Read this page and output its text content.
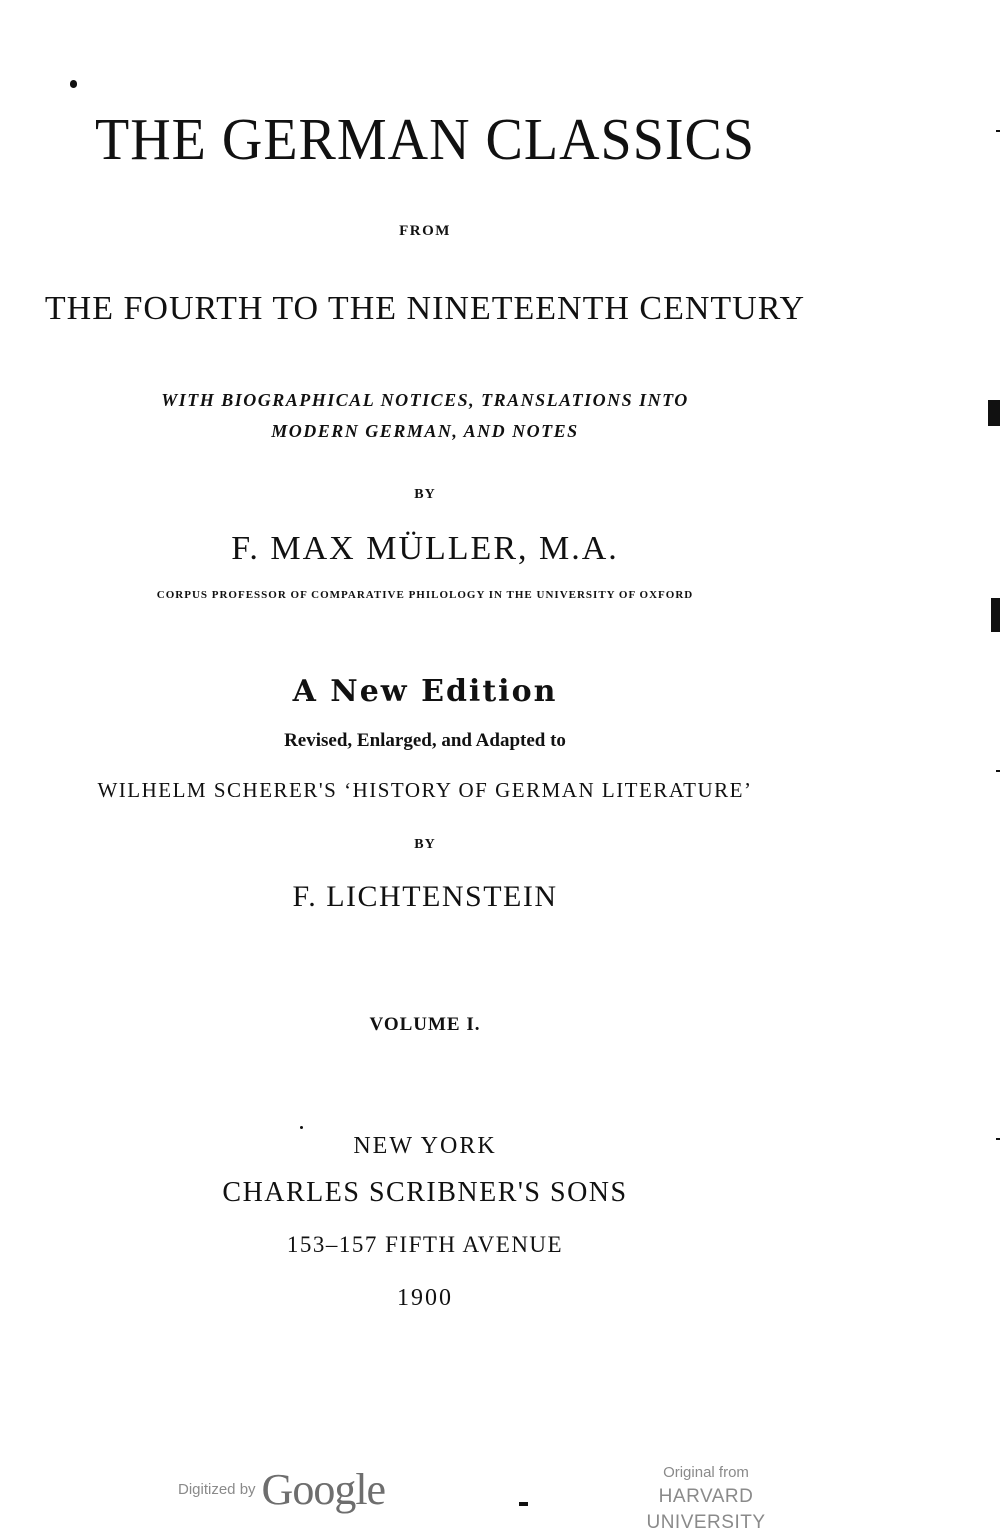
THE GERMAN CLASSICS
FROM
THE FOURTH TO THE NINETEENTH CENTURY
WITH BIOGRAPHICAL NOTICES, TRANSLATIONS INTO
MODERN GERMAN, AND NOTES
BY
F. MAX MÜLLER, M.A.
CORPUS PROFESSOR OF COMPARATIVE PHILOLOGY IN THE UNIVERSITY OF OXFORD
A New Edition
Revised, Enlarged, and Adapted to
WILHELM SCHERER'S ‘HISTORY OF GERMAN LITERATURE’
BY
F. LICHTENSTEIN
VOLUME I.
NEW YORK
CHARLES SCRIBNER'S SONS
153–157 FIFTH AVENUE
1900
Digitized by Google	Original from
HARVARD UNIVERSITY
